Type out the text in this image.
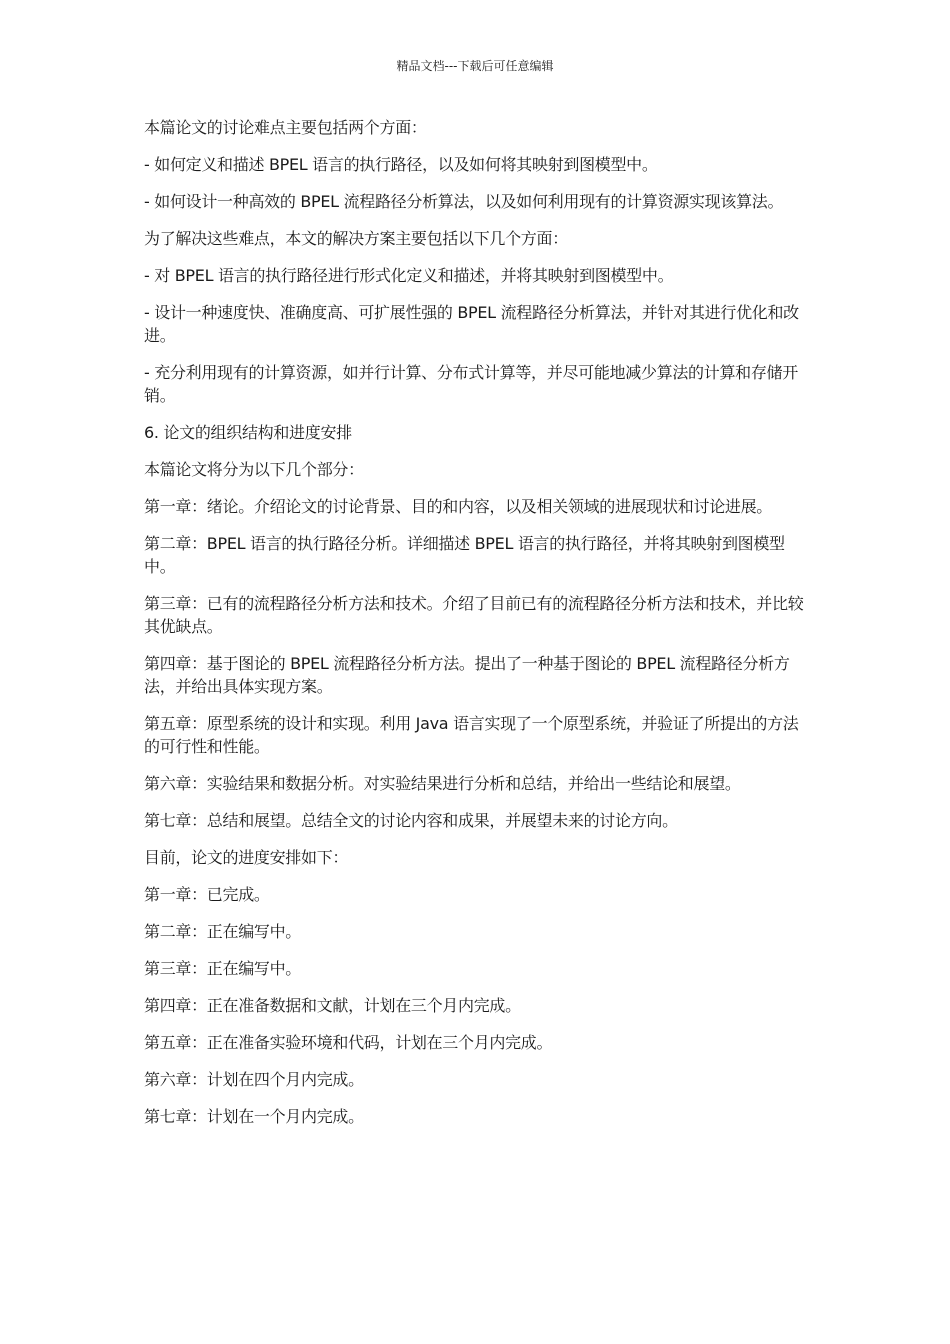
精品文档---下载后可任意编辑

本篇论文的讨论难点主要包括两个方面：

- 如何定义和描述 BPEL 语言的执行路径，以及如何将其映射到图模型中。

- 如何设计一种高效的 BPEL 流程路径分析算法，以及如何利用现有的计算资源实现该算法。

为了解决这些难点，本文的解决方案主要包括以下几个方面：

- 对 BPEL 语言的执行路径进行形式化定义和描述，并将其映射到图模型中。

- 设计一种速度快、准确度高、可扩展性强的 BPEL 流程路径分析算法，并针对其进行优化和改进。

- 充分利用现有的计算资源，如并行计算、分布式计算等，并尽可能地减少算法的计算和存储开销。

6. 论文的组织结构和进度安排

本篇论文将分为以下几个部分：

第一章：绪论。介绍论文的讨论背景、目的和内容，以及相关领域的进展现状和讨论进展。

第二章：BPEL 语言的执行路径分析。详细描述 BPEL 语言的执行路径，并将其映射到图模型中。

第三章：已有的流程路径分析方法和技术。介绍了目前已有的流程路径分析方法和技术，并比较其优缺点。

第四章：基于图论的 BPEL 流程路径分析方法。提出了一种基于图论的 BPEL 流程路径分析方法，并给出具体实现方案。

第五章：原型系统的设计和实现。利用 Java 语言实现了一个原型系统，并验证了所提出的方法的可行性和性能。

第六章：实验结果和数据分析。对实验结果进行分析和总结，并给出一些结论和展望。

第七章：总结和展望。总结全文的讨论内容和成果，并展望未来的讨论方向。

目前，论文的进度安排如下：

第一章：已完成。

第二章：正在编写中。

第三章：正在编写中。

第四章：正在准备数据和文献，计划在三个月内完成。

第五章：正在准备实验环境和代码，计划在三个月内完成。

第六章：计划在四个月内完成。

第七章：计划在一个月内完成。
